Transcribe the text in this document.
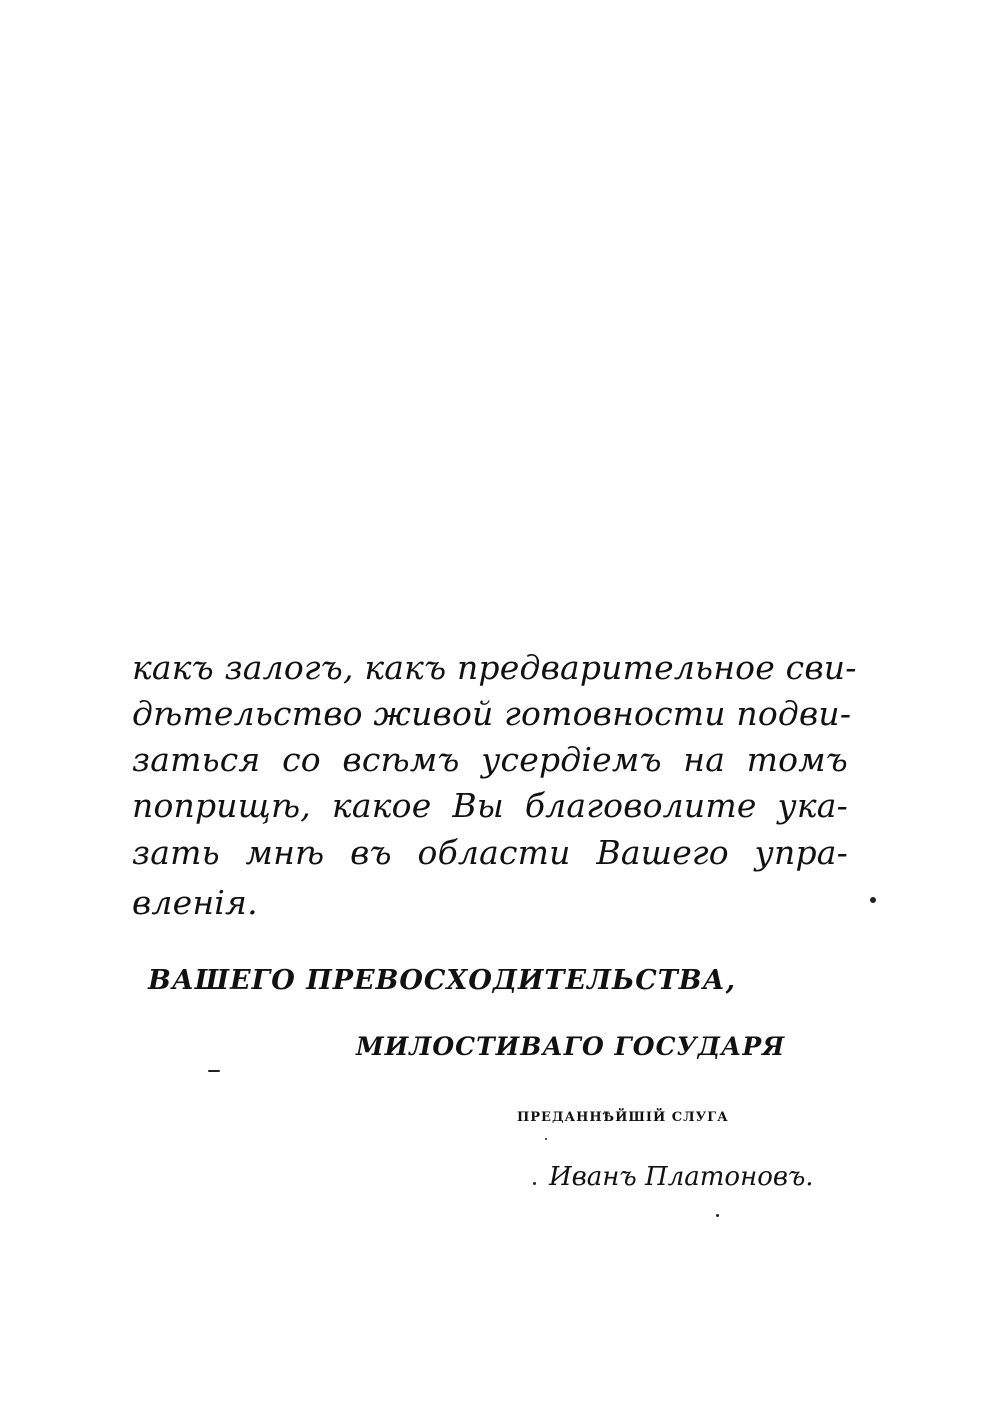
какъ залогъ, какъ предварительное сви-
дѣтельство живой готовности подви-
заться со всѣмъ усердіемъ на томъ
поприщѣ, какое Вы благоволите ука-
зать мнѣ въ области Вашего упра-
вленія.
ВАШЕГО ПРЕВОСХОДИТЕЛЬСТВА,
МИЛОСТИВАГО ГОСУДАРЯ
ПРЕДАННѢЙШІЙ СЛУГА
Иванъ Платоновъ.
